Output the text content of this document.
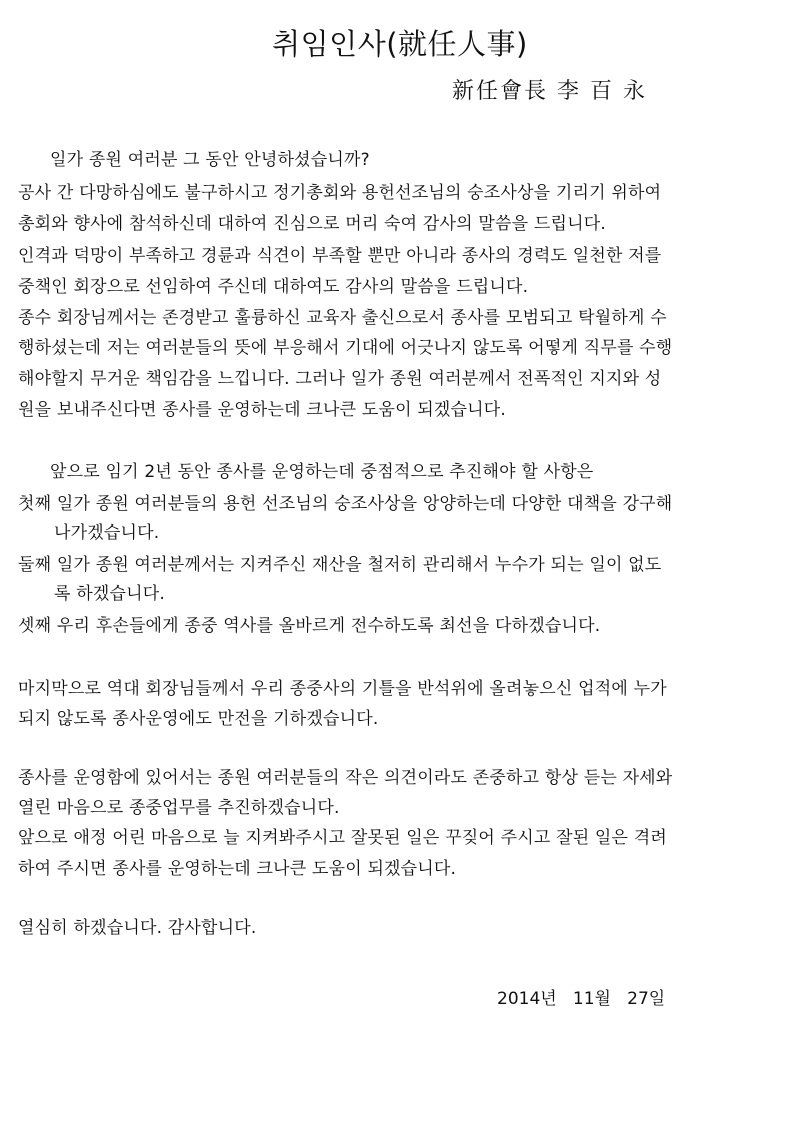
취임인사(就任人事)
新任會長 李 百 永
일가 종원 여러분 그 동안 안녕하셨습니까?
공사 간 다망하심에도 불구하시고 정기총회와 용헌선조님의 숭조사상을 기리기 위하여
총회와 향사에 참석하신데 대하여 진심으로 머리 숙여 감사의 말씀을 드립니다.
인격과 덕망이 부족하고 경륜과 식견이 부족할 뿐만 아니라 종사의 경력도 일천한 저를
중책인 회장으로 선임하여 주신데 대하여도 감사의 말씀을 드립니다.
종수 회장님께서는 존경받고 훌륭하신 교육자 출신으로서 종사를 모범되고 탁월하게 수
행하셨는데 저는 여러분들의 뜻에 부응해서 기대에 어긋나지 않도록 어떻게 직무를 수행
해야할지 무거운 책임감을 느낍니다. 그러나 일가 종원 여러분께서 전폭적인 지지와 성
원을 보내주신다면 종사를 운영하는데 크나큰 도움이 되겠습니다.
앞으로 임기 2년 동안 종사를 운영하는데 중점적으로 추진해야 할 사항은
첫째 일가 종원 여러분들의 용헌 선조님의 숭조사상을 앙양하는데 다양한 대책을 강구해
나가겠습니다.
둘째 일가 종원 여러분께서는 지켜주신 재산을 철저히 관리해서 누수가 되는 일이 없도
록 하겠습니다.
셋째 우리 후손들에게 종중 역사를 올바르게 전수하도록 최선을 다하겠습니다.
마지막으로 역대 회장님들께서 우리 종중사의 기틀을 반석위에 올려놓으신 업적에 누가
되지 않도록 종사운영에도 만전을 기하겠습니다.
종사를 운영함에 있어서는 종원 여러분들의 작은 의견이라도 존중하고 항상 듣는 자세와
열린 마음으로 종중업무를 추진하겠습니다.
앞으로 애정 어린 마음으로 늘 지켜봐주시고 잘못된 일은 꾸짖어 주시고 잘된 일은 격려
하여 주시면 종사를 운영하는데 크나큰 도움이 되겠습니다.
열심히 하겠습니다. 감사합니다.
2014년   11월   27일
